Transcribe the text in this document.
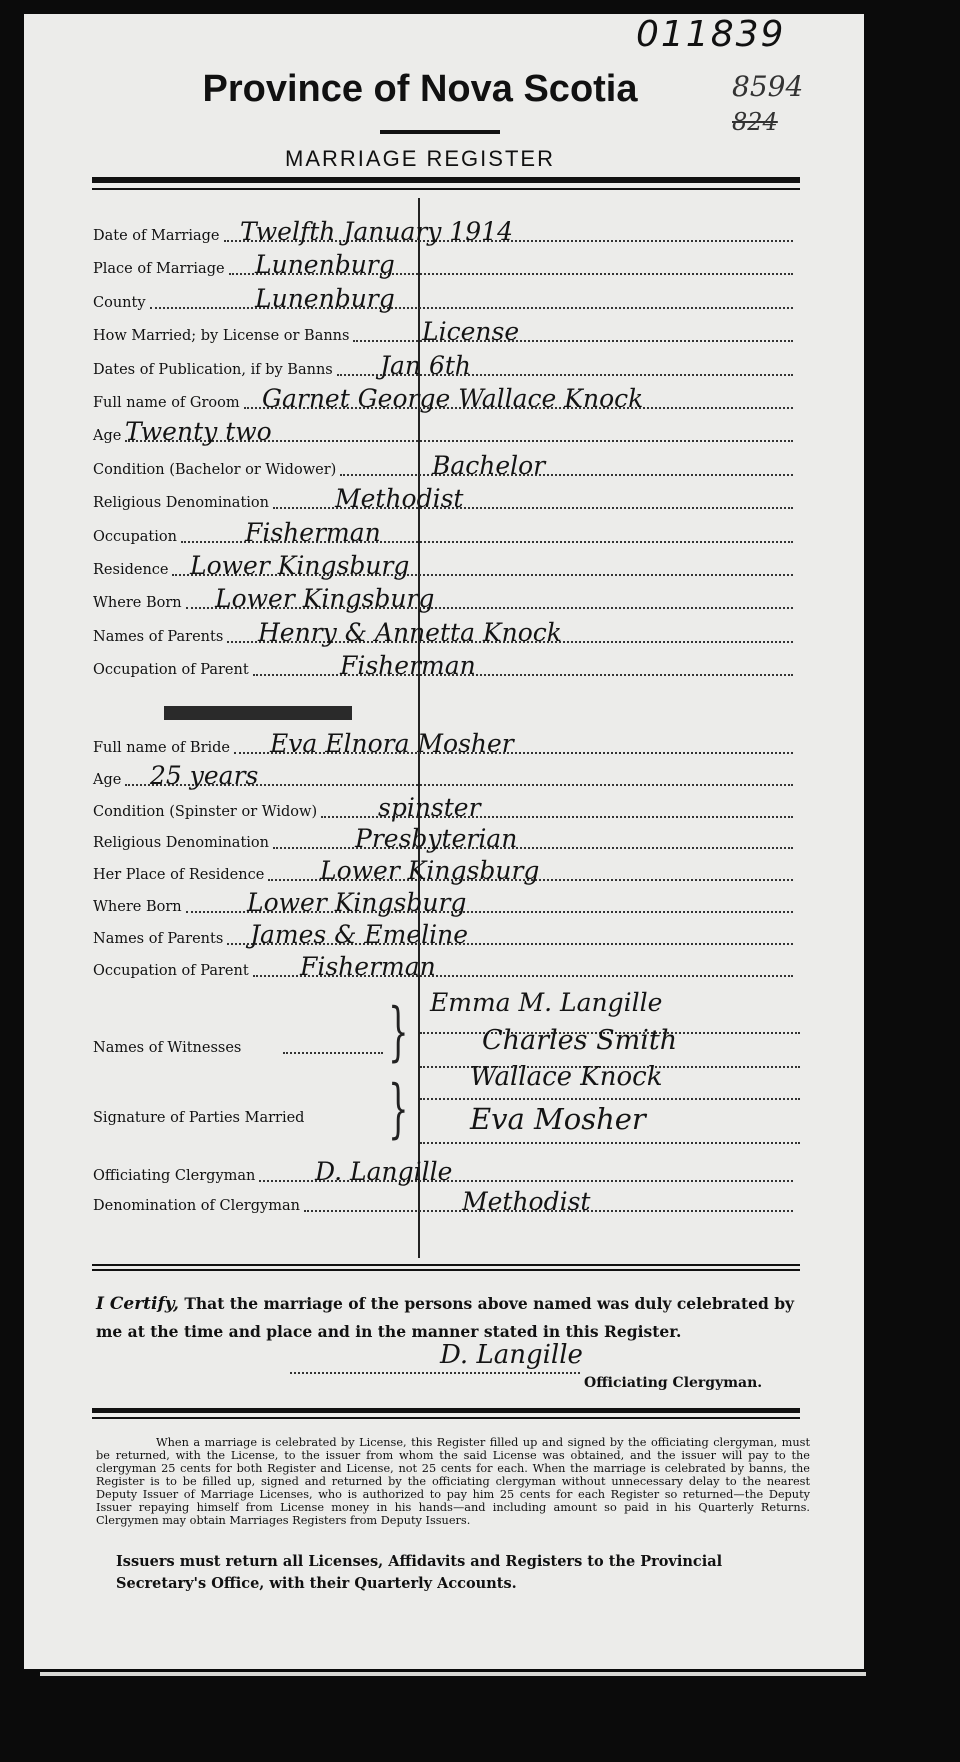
011839
8594
824
Province of Nova Scotia
MARRIAGE REGISTER
Date of Marriage Twelfth January 1914
Place of Marriage Lunenburg
County	Lunenburg
How Married; by License or Banns	License
Dates of Publication, if by Banns Jan 6th
Full name of Groom Garnet George Wallace Knock
Age Twenty two
Condition (Bachelor or Widower)	Bachelor
Religious Denomination	Methodist
Occupation	Fisherman
Residence Lower Kingsburg
Where Born Lower Kingsburg
Names of Parents Henry & Annetta Knock
Occupation of Parent	Fisherman
Full name of Bride Eva Elnora Mosher
Age 25 years
Condition (Spinster or Widow) spinster
Religious Denomination	Presbyterian
Her Place of Residence Lower Kingsburg
Where Born	Lower Kingsburg
Names of Parents James & Emeline
Occupation of Parent Fisherman
Names of Witnesses } Emma M. Langille
Charles Smith
Signature of Parties Married } Wallace Knock
Eva Mosher
Officiating Clergyman D. Langille
Denomination of Clergyman	Methodist
I Certify, That the marriage of the persons above named was duly celebrated by me at the time and place and in the manner stated in this Register.
D. Langille
Officiating Clergyman.
When a marriage is celebrated by License, this Register filled up and signed by the officiating clergyman, must be returned, with the License, to the issuer from whom the said License was obtained, and the issuer will pay to the clergyman 25 cents for both Register and License, not 25 cents for each. When the marriage is celebrated by banns, the Register is to be filled up, signed and returned by the officiating clergyman without unnecessary delay to the nearest Deputy Issuer of Marriage Licenses, who is authorized to pay him 25 cents for each Register so returned—the Deputy Issuer repaying himself from License money in his hands—and including amount so paid in his Quarterly Returns. Clergymen may obtain Marriages Registers from Deputy Issuers.
Issuers must return all Licenses, Affidavits and Registers to the Provincial Secretary's Office, with their Quarterly Accounts.
